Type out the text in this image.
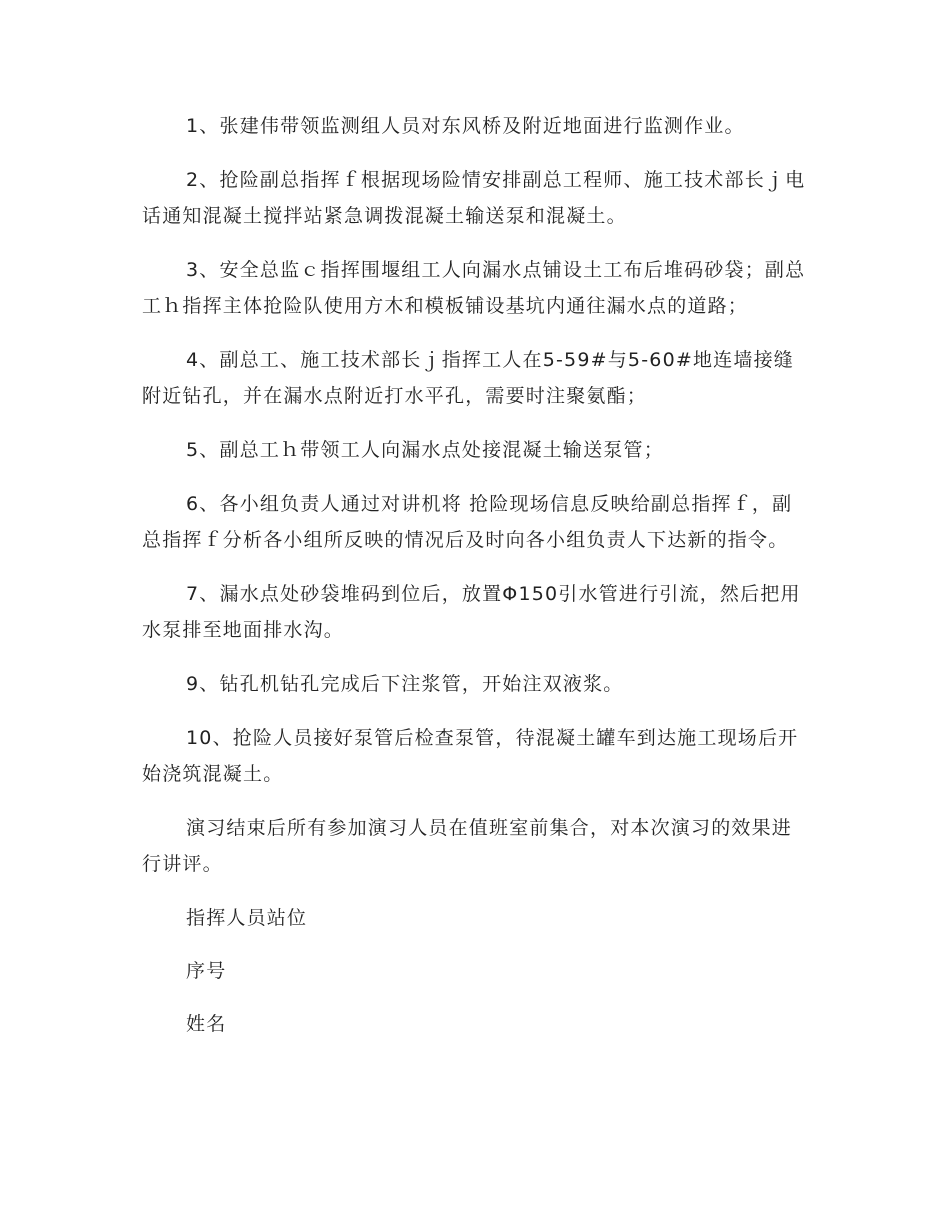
1、张建伟带领监测组人员对东风桥及附近地面进行监测作业。

2、抢险副总指挥ｆ根据现场险情安排副总工程师、施工技术部长ｊ电话通知混凝土搅拌站紧急调拨混凝土输送泵和混凝土。

3、安全总监ｃ指挥围堰组工人向漏水点铺设土工布后堆码砂袋；副总工ｈ指挥主体抢险队使用方木和模板铺设基坑内通往漏水点的道路；

4、副总工、施工技术部长ｊ指挥工人在5-59#与5-60#地连墙接缝附近钻孔，并在漏水点附近打水平孔，需要时注聚氨酯；

5、副总工ｈ带领工人向漏水点处接混凝土输送泵管；

6、各小组负责人通过对讲机将 抢险现场信息反映给副总指挥ｆ，副总指挥ｆ分析各小组所反映的情况后及时向各小组负责人下达新的指令。

7、漏水点处砂袋堆码到位后，放置Φ150引水管进行引流，然后把用水泵排至地面排水沟。

9、钻孔机钻孔完成后下注浆管，开始注双液浆。

10、抢险人员接好泵管后检查泵管，待混凝土罐车到达施工现场后开始浇筑混凝土。

演习结束后所有参加演习人员在值班室前集合，对本次演习的效果进行讲评。

指挥人员站位

序号

姓名
